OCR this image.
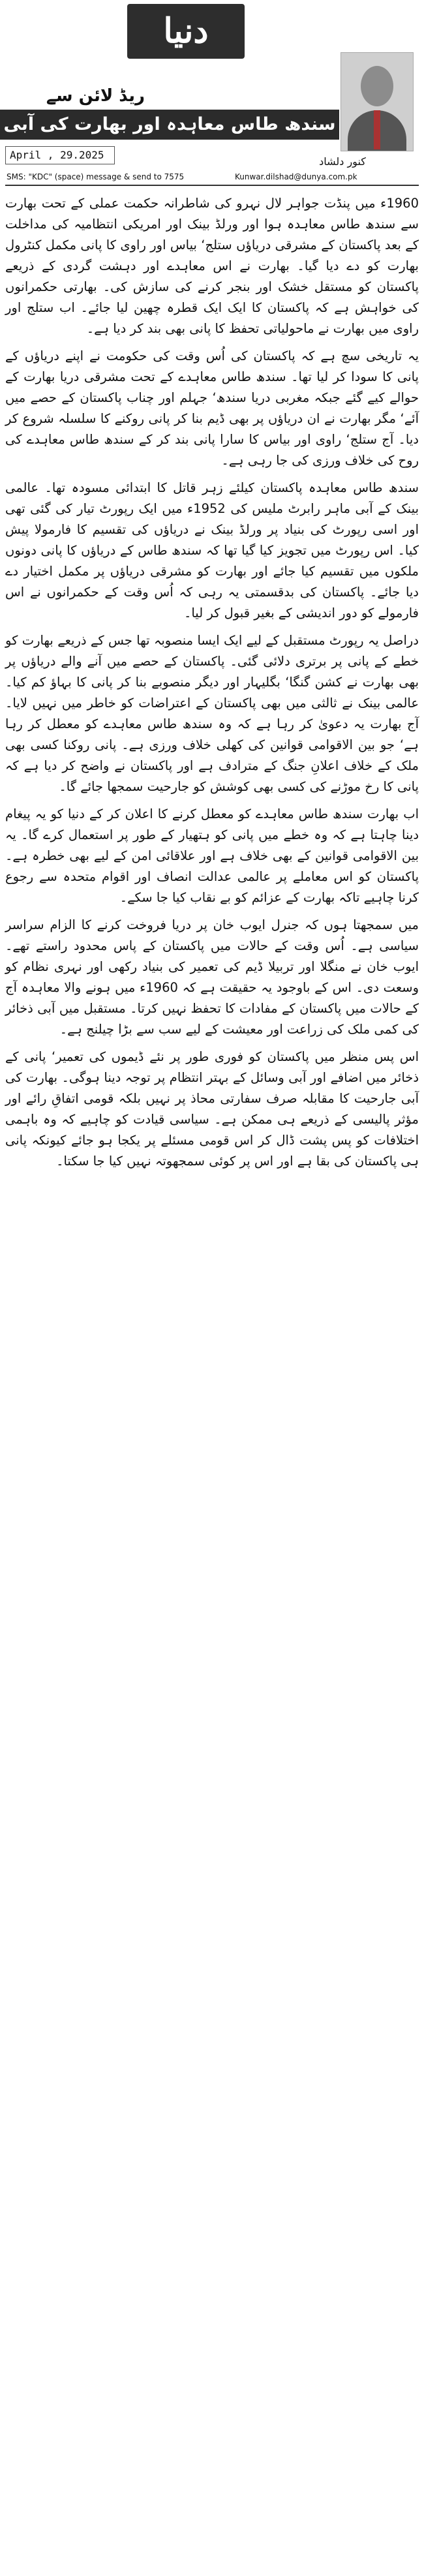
دنیا
ریڈ لائن سے
سندھ طاس معاہدہ اور بھارت کی آبی جارحیت	کنور دلشاد
April , 29.2025
SMS: "KDC" (space) message & send to 7575	Kunwar.dilshad@dunya.com.pk

1960ء میں پنڈت جواہر لال نہرو کی شاطرانہ حکمت عملی کے تحت بھارت سے سندھ طاس معاہدہ ہوا اور ورلڈ بینک اور امریکی انتظامیہ کی مداخلت کے بعد پاکستان کے مشرقی دریاؤں ستلج‘ بیاس اور راوی کا پانی مکمل کنٹرول بھارت کو دے دیا گیا۔ بھارت نے اس معاہدے اور دہشت گردی کے ذریعے پاکستان کو مستقل خشک اور بنجر کرنے کی سازش کی۔ بھارتی حکمرانوں کی خواہش ہے کہ پاکستان کا ایک ایک قطرہ چھین لیا جائے۔ اب ستلج اور راوی میں بھارت نے ماحولیاتی تحفظ کا پانی بھی بند کر دیا ہے۔

یہ تاریخی سچ ہے کہ پاکستان کی اُس وقت کی حکومت نے اپنے دریاؤں کے پانی کا سودا کر لیا تھا۔ سندھ طاس معاہدے کے تحت مشرقی دریا بھارت کے حوالے کیے گئے جبکہ مغربی دریا سندھ‘ جہلم اور چناب پاکستان کے حصے میں آئے‘ مگر بھارت نے ان دریاؤں پر بھی ڈیم بنا کر پانی روکنے کا سلسلہ شروع کر دیا۔ آج ستلج‘ راوی اور بیاس کا سارا پانی بند کر کے سندھ طاس معاہدے کی روح کی خلاف ورزی کی جا رہی ہے۔

سندھ طاس معاہدہ پاکستان کیلئے زہر قاتل کا ابتدائی مسودہ تھا۔ عالمی بینک کے آبی ماہر رابرٹ ملیس کی 1952ء میں ایک رپورٹ تیار کی گئی تھی اور اسی رپورٹ کی بنیاد پر ورلڈ بینک نے دریاؤں کی تقسیم کا فارمولا پیش کیا۔ اس رپورٹ میں تجویز کیا گیا تھا کہ سندھ طاس کے دریاؤں کا پانی دونوں ملکوں میں تقسیم کیا جائے اور بھارت کو مشرقی دریاؤں پر مکمل اختیار دے دیا جائے۔ پاکستان کی بدقسمتی یہ رہی کہ اُس وقت کے حکمرانوں نے اس فارمولے کو دور اندیشی کے بغیر قبول کر لیا۔

دراصل یہ رپورٹ مستقبل کے لیے ایک ایسا منصوبہ تھا جس کے ذریعے بھارت کو خطے کے پانی پر برتری دلائی گئی۔ پاکستان کے حصے میں آنے والے دریاؤں پر بھی بھارت نے کشن گنگا‘ بگلیہار اور دیگر منصوبے بنا کر پانی کا بہاؤ کم کیا۔ عالمی بینک نے ثالثی میں بھی پاکستان کے اعتراضات کو خاطر میں نہیں لایا۔ آج بھارت یہ دعویٰ کر رہا ہے کہ وہ سندھ طاس معاہدے کو معطل کر رہا ہے‘ جو بین الاقوامی قوانین کی کھلی خلاف ورزی ہے۔ پانی روکنا کسی بھی ملک کے خلاف اعلانِ جنگ کے مترادف ہے اور پاکستان نے واضح کر دیا ہے کہ پانی کا رخ موڑنے کی کسی بھی کوشش کو جارحیت سمجھا جائے گا۔

اب بھارت سندھ طاس معاہدے کو معطل کرنے کا اعلان کر کے دنیا کو یہ پیغام دینا چاہتا ہے کہ وہ خطے میں پانی کو ہتھیار کے طور پر استعمال کرے گا۔ یہ بین الاقوامی قوانین کے بھی خلاف ہے اور علاقائی امن کے لیے بھی خطرہ ہے۔ پاکستان کو اس معاملے پر عالمی عدالت انصاف اور اقوام متحدہ سے رجوع کرنا چاہیے تاکہ بھارت کے عزائم کو بے نقاب کیا جا سکے۔

میں سمجھتا ہوں کہ جنرل ایوب خان پر دریا فروخت کرنے کا الزام سراسر سیاسی ہے۔ اُس وقت کے حالات میں پاکستان کے پاس محدود راستے تھے۔ ایوب خان نے منگلا اور تربیلا ڈیم کی تعمیر کی بنیاد رکھی اور نہری نظام کو وسعت دی۔ اس کے باوجود یہ حقیقت ہے کہ 1960ء میں ہونے والا معاہدہ آج کے حالات میں پاکستان کے مفادات کا تحفظ نہیں کرتا۔ مستقبل میں آبی ذخائر کی کمی ملک کی زراعت اور معیشت کے لیے سب سے بڑا چیلنج ہے۔

اس پس منظر میں پاکستان کو فوری طور پر نئے ڈیموں کی تعمیر‘ پانی کے ذخائر میں اضافے اور آبی وسائل کے بہتر انتظام پر توجہ دینا ہوگی۔ بھارت کی آبی جارحیت کا مقابلہ صرف سفارتی محاذ پر نہیں بلکہ قومی اتفاقِ رائے اور مؤثر پالیسی کے ذریعے ہی ممکن ہے۔ سیاسی قیادت کو چاہیے کہ وہ باہمی اختلافات کو پس پشت ڈال کر اس قومی مسئلے پر یکجا ہو جائے کیونکہ پانی ہی پاکستان کی بقا ہے اور اس پر کوئی سمجھوتہ نہیں کیا جا سکتا۔
